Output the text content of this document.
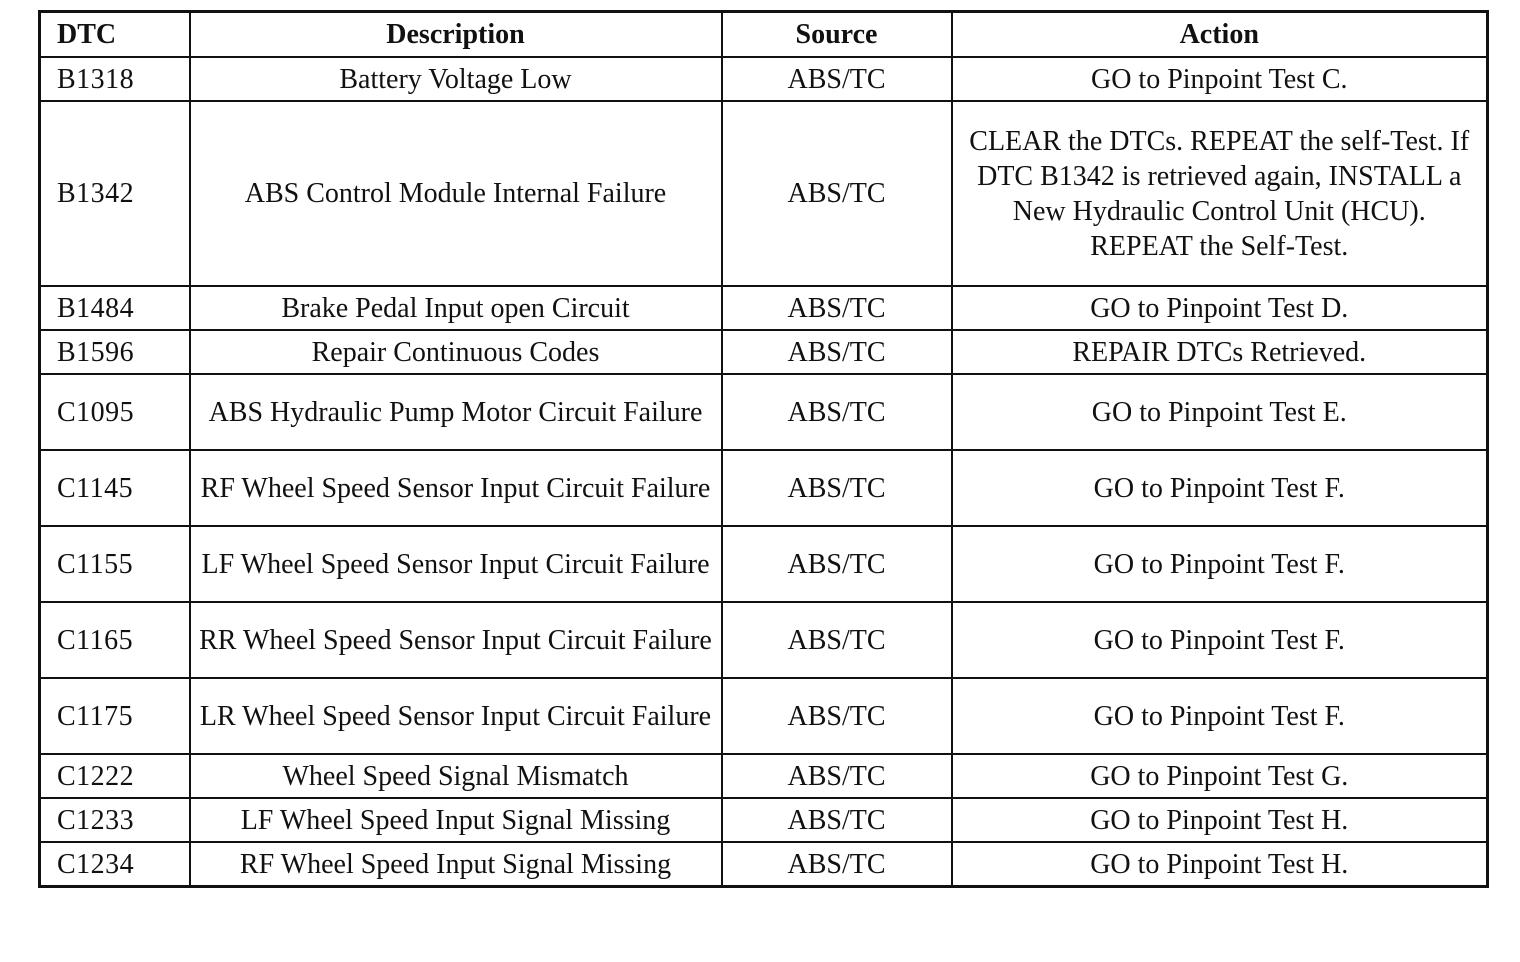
DTC	Description	Source	Action
B1318	Battery Voltage Low	ABS/TC	GO to Pinpoint Test C.
B1342	ABS Control Module Internal Failure	ABS/TC	CLEAR the DTCs. REPEAT the self-Test. If DTC B1342 is retrieved again, INSTALL a New Hydraulic Control Unit (HCU). REPEAT the Self-Test.
B1484	Brake Pedal Input open Circuit	ABS/TC	GO to Pinpoint Test D.
B1596	Repair Continuous Codes	ABS/TC	REPAIR DTCs Retrieved.
C1095	ABS Hydraulic Pump Motor Circuit Failure	ABS/TC	GO to Pinpoint Test E.
C1145	RF Wheel Speed Sensor Input Circuit Failure	ABS/TC	GO to Pinpoint Test F.
C1155	LF Wheel Speed Sensor Input Circuit Failure	ABS/TC	GO to Pinpoint Test F.
C1165	RR Wheel Speed Sensor Input Circuit Failure	ABS/TC	GO to Pinpoint Test F.
C1175	LR Wheel Speed Sensor Input Circuit Failure	ABS/TC	GO to Pinpoint Test F.
C1222	Wheel Speed Signal Mismatch	ABS/TC	GO to Pinpoint Test G.
C1233	LF Wheel Speed Input Signal Missing	ABS/TC	GO to Pinpoint Test H.
C1234	RF Wheel Speed Input Signal Missing	ABS/TC	GO to Pinpoint Test H.
